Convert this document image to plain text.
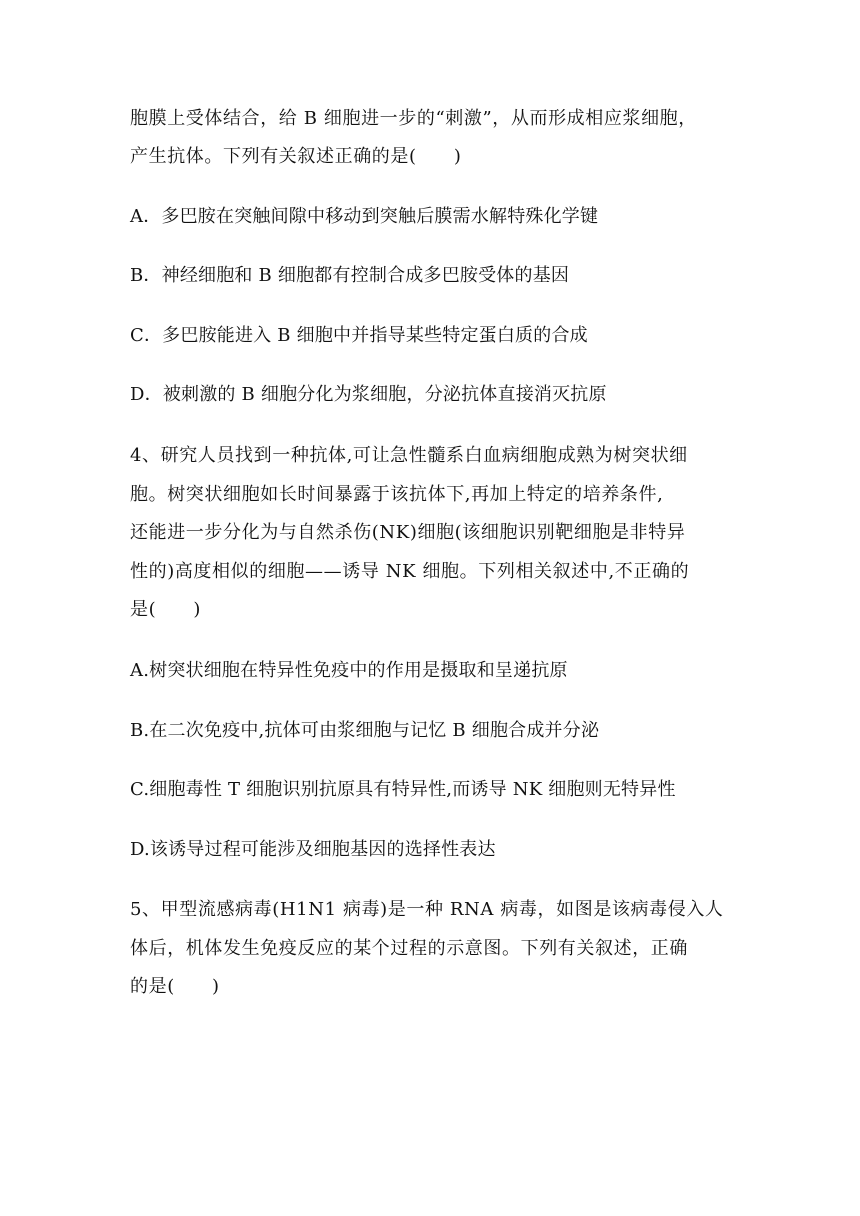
胞膜上受体结合，给 B 细胞进一步的“刺激”，从而形成相应浆细胞，
产生抗体。下列有关叙述正确的是(　　)
A．多巴胺在突触间隙中移动到突触后膜需水解特殊化学键
B．神经细胞和 B 细胞都有控制合成多巴胺受体的基因
C．多巴胺能进入 B 细胞中并指导某些特定蛋白质的合成
D．被刺激的 B 细胞分化为浆细胞，分泌抗体直接消灭抗原
4、研究人员找到一种抗体,可让急性髓系白血病细胞成熟为树突状细
胞。树突状细胞如长时间暴露于该抗体下,再加上特定的培养条件,
还能进一步分化为与自然杀伤(NK)细胞(该细胞识别靶细胞是非特异
性的)高度相似的细胞——诱导 NK 细胞。下列相关叙述中,不正确的
是(　　)
A.树突状细胞在特异性免疫中的作用是摄取和呈递抗原
B.在二次免疫中,抗体可由浆细胞与记忆 B 细胞合成并分泌
C.细胞毒性 T 细胞识别抗原具有特异性,而诱导 NK 细胞则无特异性
D.该诱导过程可能涉及细胞基因的选择性表达
5、甲型流感病毒(H1N1 病毒)是一种 RNA 病毒，如图是该病毒侵入人
体后，机体发生免疫反应的某个过程的示意图。下列有关叙述，正确
的是(　　)
